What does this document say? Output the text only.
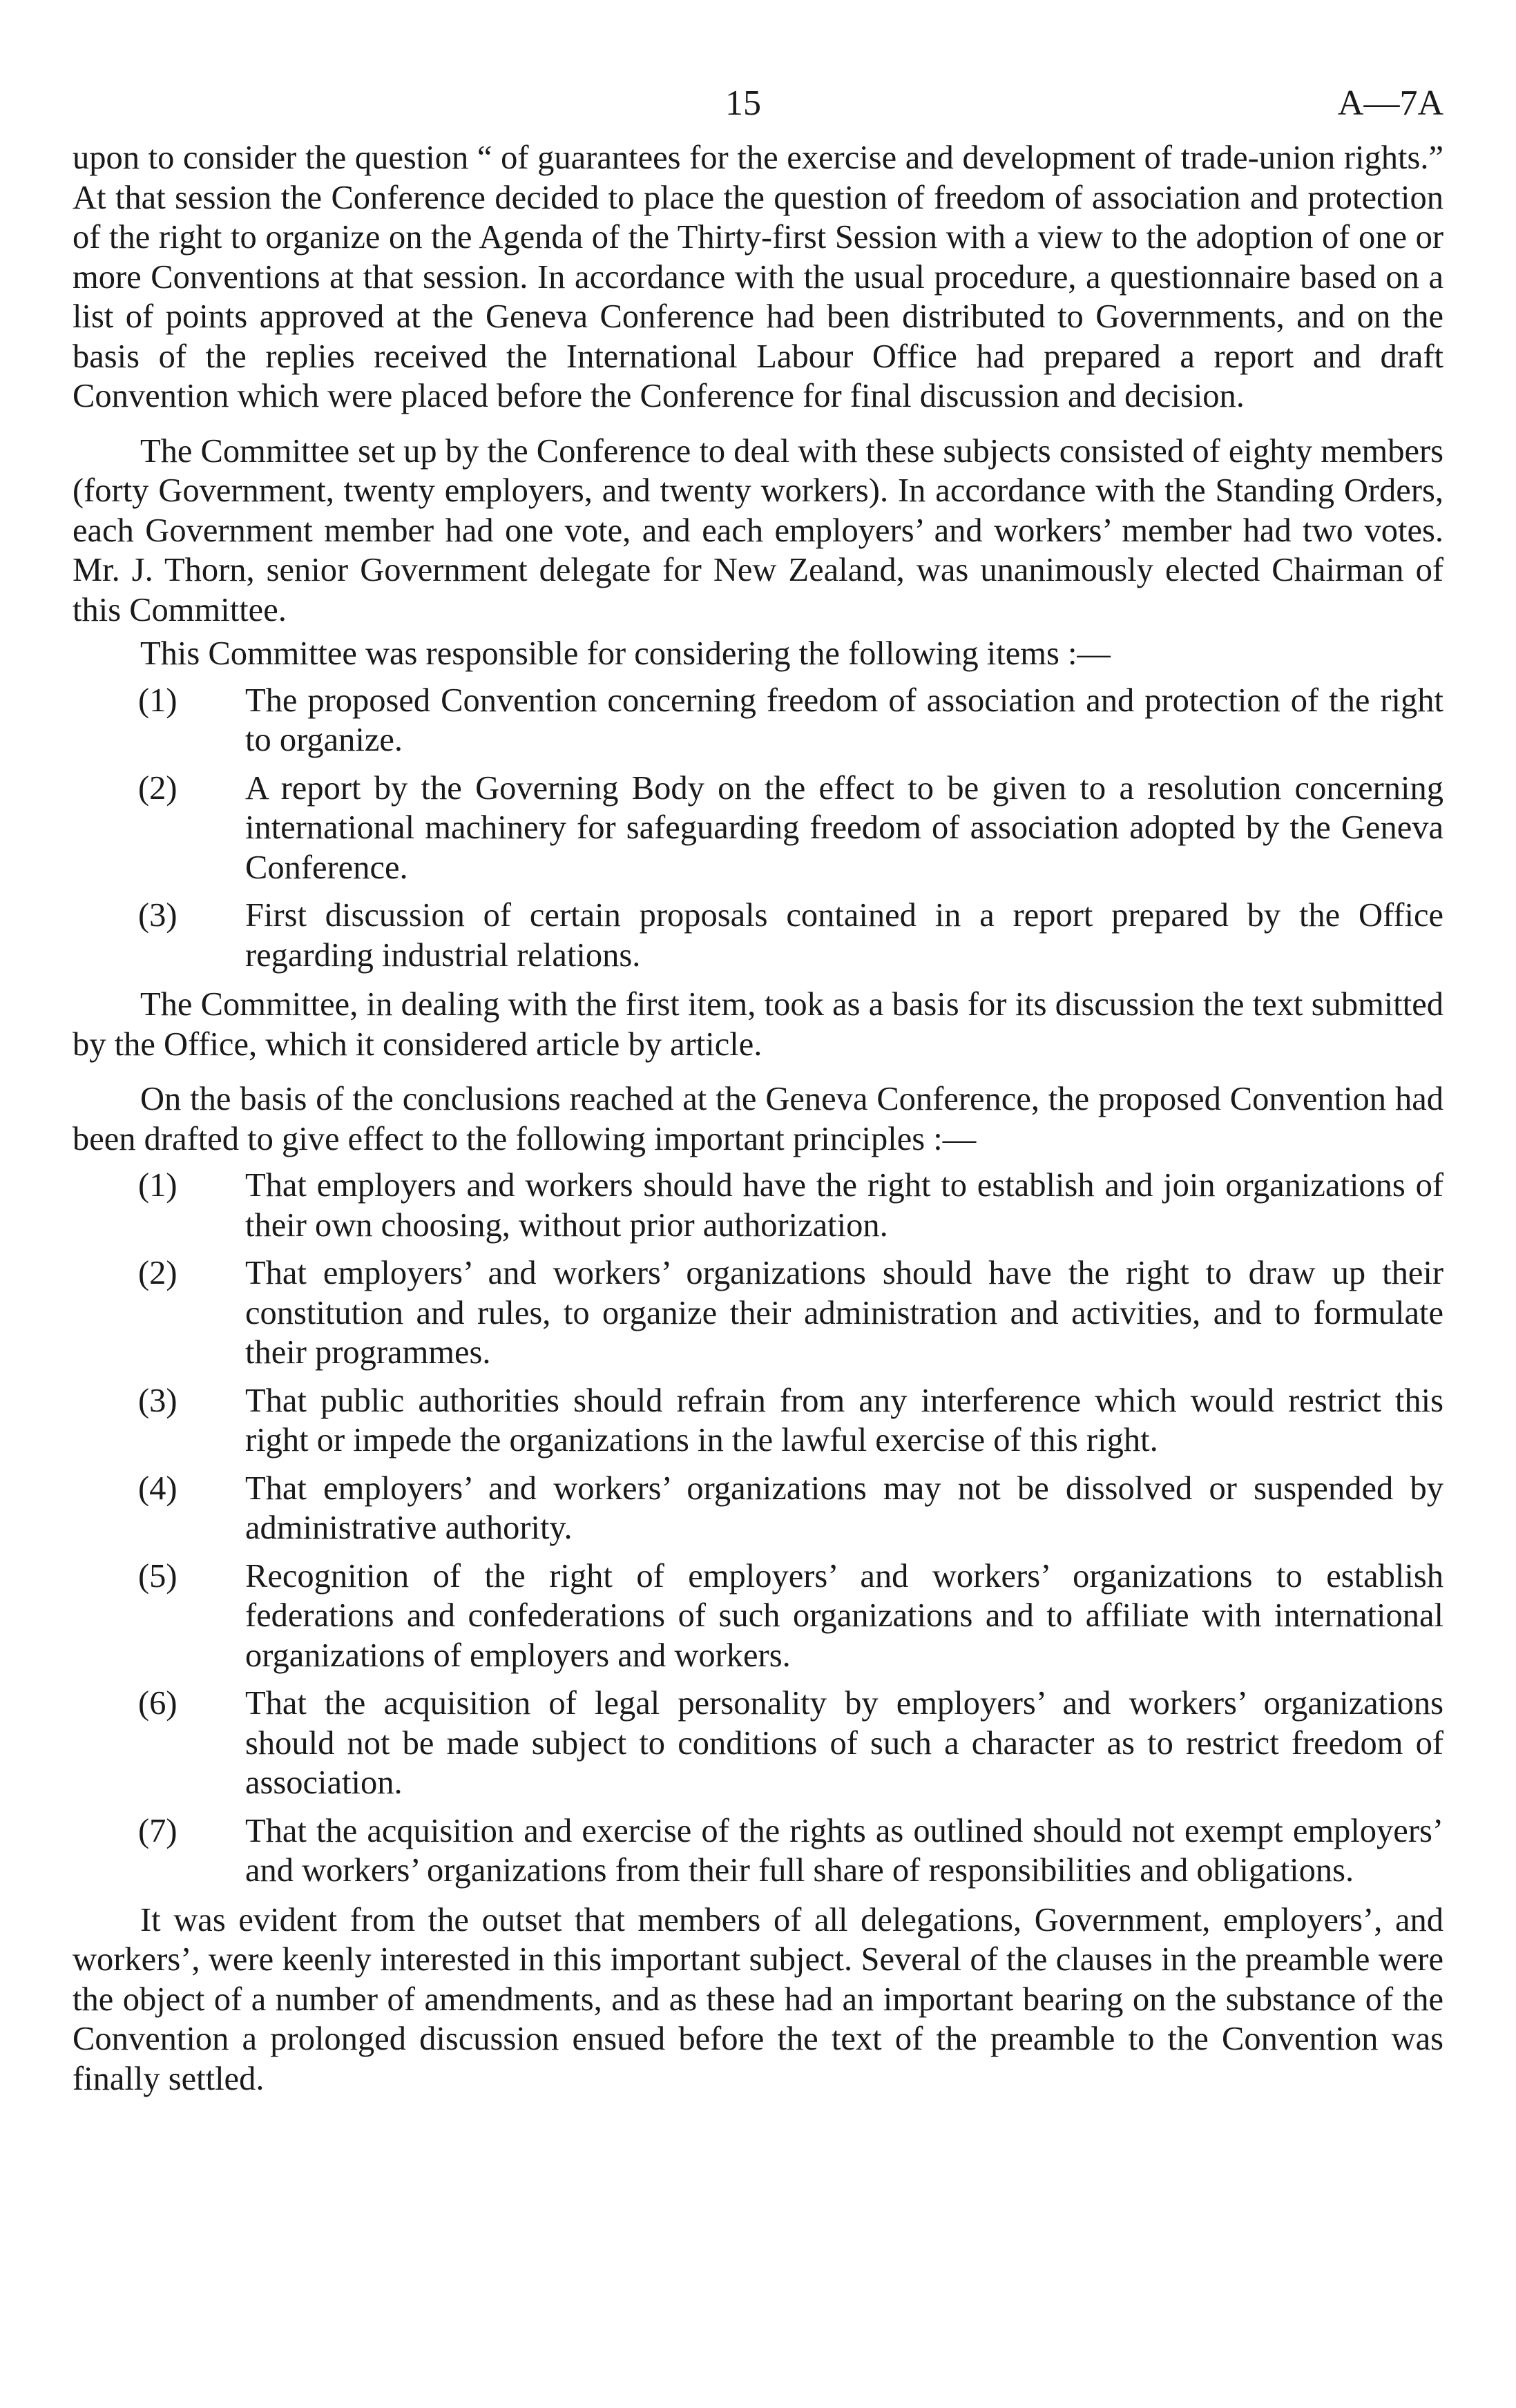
15	A—7A

upon to consider the question “ of guarantees for the exercise and development of trade-union rights.” At that session the Conference decided to place the question of freedom of association and protection of the right to organize on the Agenda of the Thirty-first Session with a view to the adoption of one or more Conventions at that session. In accordance with the usual procedure, a questionnaire based on a list of points approved at the Geneva Conference had been distributed to Governments, and on the basis of the replies received the International Labour Office had prepared a report and draft Convention which were placed before the Conference for final discussion and decision.

The Committee set up by the Conference to deal with these subjects consisted of eighty members (forty Government, twenty employers, and twenty workers). In accordance with the Standing Orders, each Government member had one vote, and each employers’ and workers’ member had two votes. Mr. J. Thorn, senior Government delegate for New Zealand, was unanimously elected Chairman of this Committee.

This Committee was responsible for considering the following items :—

(1) The proposed Convention concerning freedom of association and protection of the right to organize.
(2) A report by the Governing Body on the effect to be given to a resolution concerning international machinery for safeguarding freedom of association adopted by the Geneva Conference.
(3) First discussion of certain proposals contained in a report prepared by the Office regarding industrial relations.

The Committee, in dealing with the first item, took as a basis for its discussion the text submitted by the Office, which it considered article by article.

On the basis of the conclusions reached at the Geneva Conference, the proposed Convention had been drafted to give effect to the following important principles :—

(1) That employers and workers should have the right to establish and join organizations of their own choosing, without prior authorization.
(2) That employers’ and workers’ organizations should have the right to draw up their constitution and rules, to organize their administration and activities, and to formulate their programmes.
(3) That public authorities should refrain from any interference which would restrict this right or impede the organizations in the lawful exercise of this right.
(4) That employers’ and workers’ organizations may not be dissolved or suspended by administrative authority.
(5) Recognition of the right of employers’ and workers’ organizations to establish federations and confederations of such organizations and to affiliate with international organizations of employers and workers.
(6) That the acquisition of legal personality by employers’ and workers’ organizations should not be made subject to conditions of such a character as to restrict freedom of association.
(7) That the acquisition and exercise of the rights as outlined should not exempt employers’ and workers’ organizations from their full share of responsibilities and obligations.

It was evident from the outset that members of all delegations, Government, employers’, and workers’, were keenly interested in this important subject. Several of the clauses in the preamble were the object of a number of amendments, and as these had an important bearing on the substance of the Convention a prolonged discussion ensued before the text of the preamble to the Convention was finally settled.
